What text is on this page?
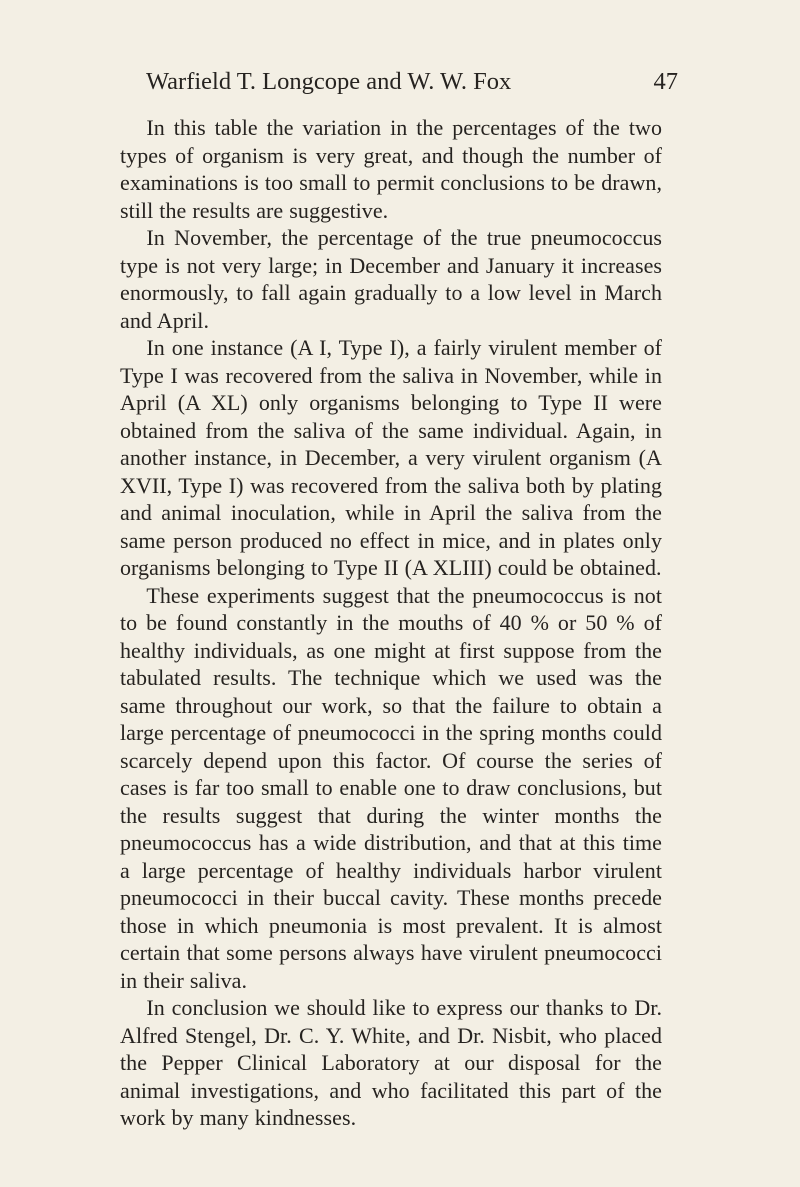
Warfield T. Longcope and W. W. Fox	47

In this table the variation in the percentages of the two types of organism is very great, and though the number of examinations is too small to permit conclusions to be drawn, still the results are suggestive.

In November, the percentage of the true pneumococcus type is not very large; in December and January it increases enormously, to fall again gradually to a low level in March and April.

In one instance (A I, Type I), a fairly virulent member of Type I was recovered from the saliva in November, while in April (A XL) only organisms belonging to Type II were obtained from the saliva of the same individual. Again, in another instance, in December, a very virulent organism (A XVII, Type I) was recovered from the saliva both by plating and animal inoculation, while in April the saliva from the same person produced no effect in mice, and in plates only organisms belonging to Type II (A XLIII) could be obtained.

These experiments suggest that the pneumococcus is not to be found constantly in the mouths of 40 % or 50 % of healthy individuals, as one might at first suppose from the tabulated results. The technique which we used was the same throughout our work, so that the failure to obtain a large percentage of pneumococci in the spring months could scarcely depend upon this factor. Of course the series of cases is far too small to enable one to draw conclusions, but the results suggest that during the winter months the pneumococcus has a wide distribution, and that at this time a large percentage of healthy individuals harbor virulent pneumococci in their buccal cavity. These months precede those in which pneumonia is most prevalent. It is almost certain that some persons always have virulent pneumococci in their saliva.

In conclusion we should like to express our thanks to Dr. Alfred Stengel, Dr. C. Y. White, and Dr. Nisbit, who placed the Pepper Clinical Laboratory at our disposal for the animal investigations, and who facilitated this part of the work by many kindnesses.
